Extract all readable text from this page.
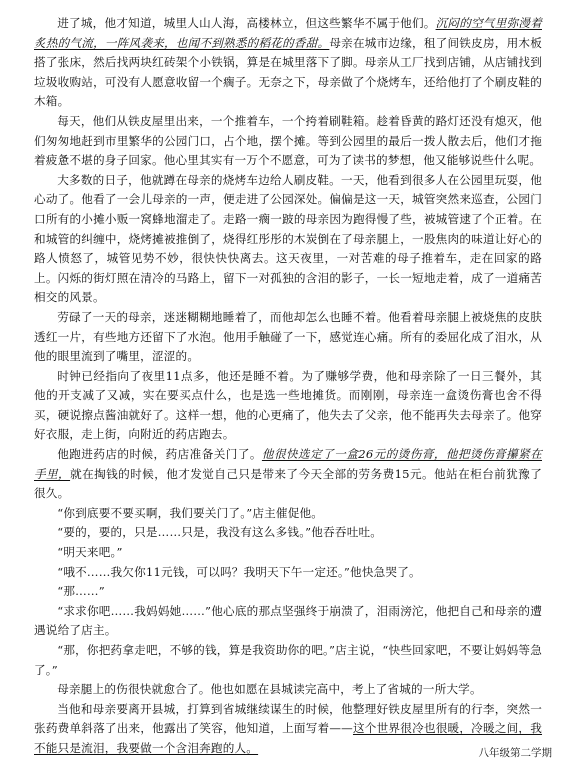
进了城，他才知道，城里人山人海，高楼林立，但这些繁华不属于他们。沉闷的空气里弥漫着炙热的气流，一阵风袭来，也闻不到熟悉的稻花的香甜。母亲在城市边缘，租了间铁皮房，用木板搭了张床，然后找两块红砖架个小铁锅，算是在城里落下了脚。母亲从工厂找到店铺，从店铺找到垃圾收购站，可没有人愿意收留一个瘸子。无奈之下，母亲做了个烧烤车，还给他打了个刷皮鞋的木箱。

每天，他们从铁皮屋里出来，一个推着车，一个挎着刷鞋箱。趁着昏黄的路灯还没有熄灭，他们匆匆地赶到市里繁华的公园门口，占个地，摆个摊。等到公园里的最后一拨人散去后，他们才拖着疲惫不堪的身子回家。他心里其实有一万个不愿意，可为了读书的梦想，他又能够说些什么呢。

大多数的日子，他就蹲在母亲的烧烤车边给人刷皮鞋。一天，他看到很多人在公园里玩耍，他心动了。他看了一会儿母亲的一声，便走进了公园深处。偏偏是这一天，城管突然来巡查，公园门口所有的小摊小贩一窝蜂地溜走了。走路一瘸一跛的母亲因为跑得慢了些，被城管逮了个正着。在和城管的纠缠中，烧烤摊被推倒了，烧得红彤彤的木炭倒在了母亲腿上，一股焦肉的味道让好心的路人愤怒了，城管见势不妙，很快快快离去。这天夜里，一对苦难的母子推着车，走在回家的路上。闪烁的街灯照在清冷的马路上，留下一对孤独的含泪的影子，一长一短地走着，成了一道痛苦相交的风景。

劳碌了一天的母亲，迷迷糊糊地睡着了，而他却怎么也睡不着。他看着母亲腿上被烧焦的皮肤透红一片，有些地方还留下了水泡。他用手触碰了一下，感觉连心痛。所有的委屈化成了泪水，从他的眼里流到了嘴里，涩涩的。

时钟已经指向了夜里11点多，他还是睡不着。为了赚够学费，他和母亲除了一日三餐外，其他的开支减了又减，实在要买点什么，也是选一些地摊货。而刚刚，母亲连一盒烫伤膏也舍不得买，硬说擦点酱油就好了。这样一想，他的心更痛了，他失去了父亲，他不能再失去母亲了。他穿好衣服，走上街，向附近的药店跑去。

他跑进药店的时候，药店准备关门了。他很快选定了一盒26元的烫伤膏，他把烫伤膏攥紧在手里，就在掏钱的时候，他才发觉自己只是带来了今天全部的劳务费15元。他站在柜台前犹豫了很久。

“你到底要不要买啊，我们要关门了。”店主催促他。

“要的，要的，只是……只是，我没有这么多钱。”他吞吞吐吐。

“明天来吧。”

“哦不……我欠你11元钱，可以吗？我明天下午一定还。”他快急哭了。

“那……”

“求求你吧……我妈妈她……”他心底的那点坚强终于崩溃了，泪雨滂沱，他把自己和母亲的遭遇说给了店主。

“那，你把药拿走吧，不够的钱，算是我资助你的吧。”店主说，“快些回家吧，不要让妈妈等急了。”

母亲腿上的伤很快就愈合了。他也如愿在县城读完高中，考上了省城的一所大学。

当他和母亲要离开县城，打算到省城继续谋生的时候，他整理好铁皮屋里所有的行李，突然一张药费单斜落了出来，他露出了笑容，他知道，上面写着——这个世界很冷也很暖，冷暖之间，我不能只是流泪，我要做一个含泪奔跑的人。	八年级第二学期
